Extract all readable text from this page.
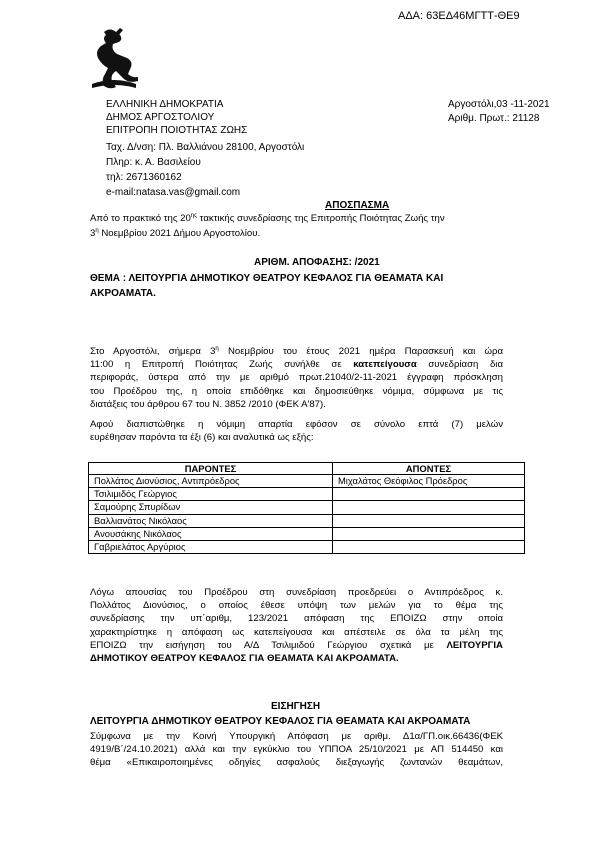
ΑΔΑ: 63ΕΔ46ΜΓΤΤ-ΘΕ9
ΕΛΛΗΝΙΚΗ ΔΗΜΟΚΡΑΤΙΑ
ΔΗΜΟΣ ΑΡΓΟΣΤΟΛΙΟΥ
ΕΠΙΤΡΟΠΗ ΠΟΙΟΤΗΤΑΣ ΖΩΗΣ
Ταχ. Δ/νση: Πλ. Βαλλιάνου 28100, Αργοστόλι
Πληρ: κ. Α. Βασιλείου
τηλ: 2671360162
e-mail:natasa.vas@gmail.com
Αργοστόλι,03 -11-2021
Αριθμ. Πρωτ.: 21128
ΑΠΟΣΠΑΣΜΑ
Από το πρακτικό της $20^{\eta\varsigma}$ τακτικής συνεδρίασης της Επιτροπής Ποιότητας Ζωής την
$3^\eta$ Νοεμβρίου 2021 Δήμου Αργοστολίου.
ΑΡΙΘΜ. ΑΠΟΦΑΣΗΣ: /2021
ΘΕΜΑ : ΛΕΙΤΟΥΡΓΙΑ ΔΗΜΟΤΙΚΟΥ ΘΕΑΤΡΟΥ ΚΕΦΑΛΟΣ ΓΙΑ ΘΕΑΜΑΤΑ ΚΑΙ
ΑΚΡΟΑΜΑΤΑ.
Στο Αργοστόλι, σήμερα $3^\eta$ Νοεμβρίου του έτους 2021 ημέρα Παρασκευή και ώρα
11:00 η Επιτροπή Ποιότητας Ζωής συνήλθε σε κατεπείγουσα συνεδρίαση δια
περιφοράς, ύστερα από την με αριθμό πρωτ.21040/2-11-2021 έγγραφη πρόσκληση
του Προέδρου της, η οποία επιδόθηκε και δημοσιεύθηκε νόμιμα, σύμφωνα με τις
διατάξεις του άρθρου 67 του Ν. 3852 /2010 (ΦΕΚ Α'87).
Αφού διαπιστώθηκε η νόμιμη απαρτία εφόσον σε σύνολο επτά (7) μελών
ευρέθησαν παρόντα τα έξι (6) και αναλυτικά ως εξής:
ΠΑΡΟΝΤΕΣ	ΑΠΟΝΤΕΣ
Πολλάτος Διονύσιος, Αντιπρόεδρος	Μιχαλάτος Θεόφιλος Πρόεδρος
Τσιλιμιδός Γεώργιος	
Σαμούρης Σπυρίδων	
Βαλλιανάτος Νικόλαος	
Ανουσάκης Νικόλαος	
Γαβριελάτος Αργύριος	
Λόγω απουσίας του Προέδρου στη συνεδρίαση προεδρεύει ο Αντιπρόεδρος κ.
Πολλάτος Διονύσιος, ο οποίος έθεσε υπόψη των μελών για το θέμα της
συνεδρίασης την υπ΄αριθμ, 123/2021 απόφαση της ΕΠΟΙΖΩ στην οποία
χαρακτηρίστηκε η απόφαση ως κατεπείγουσα και απέστειλε σε όλα τα μέλη της
ΕΠΟΙΖΩ την εισήγηση του Α/Δ Τσιλιμιδού Γεώργιου σχετικά με ΛΕΙΤΟΥΡΓΙΑ
ΔΗΜΟΤΙΚΟΥ ΘΕΑΤΡΟΥ ΚΕΦΑΛΟΣ ΓΙΑ ΘΕΑΜΑΤΑ ΚΑΙ ΑΚΡΟΑΜΑΤΑ.
ΕΙΣΗΓΗΣΗ
ΛΕΙΤΟΥΡΓΙΑ ΔΗΜΟΤΙΚΟΥ ΘΕΑΤΡΟΥ ΚΕΦΑΛΟΣ ΓΙΑ ΘΕΑΜΑΤΑ ΚΑΙ ΑΚΡΟΑΜΑΤΑ
Σύμφωνα με την Κοινή Υπουργική Απόφαση με αριθμ. Δ1α/ΓΠ.οικ.66436(ΦΕΚ
4919/Β΄/24.10.2021) αλλά και την εγκύκλιο του ΥΠΠΟΑ 25/10/2021 με ΑΠ 514450 και
θέμα «Επικαιροποιημένες οδηγίες ασφαλούς διεξαγωγής ζωντανών θεαμάτων,
